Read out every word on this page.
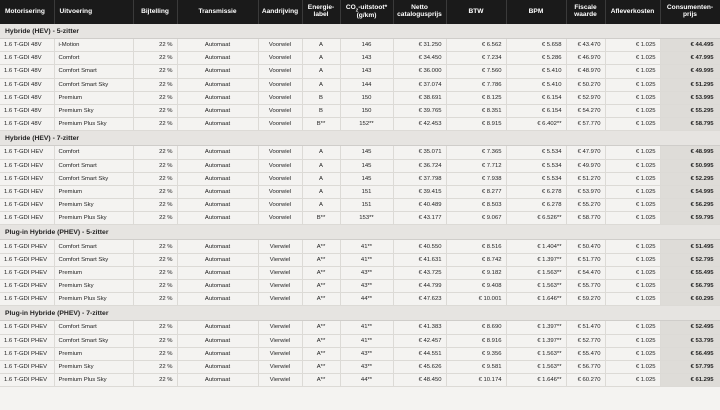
Motorisering	Uitvoering	Bijtelling	Transmissie	Aandrijving	Energie-
label	$CO_2-uitstoot*$
(g/km)	Netto
catalogusprijs	BTW	BPM	Fiscale
waarde	Afleverkosten	Consumenten-
prijs
Hybride (HEV) - 5-zitter												
1.6 T-GDI 48V	i-Motion	22 %	Automaat	Voorwiel	A	146	€ 31.250	€ 6.562	€ 5.658	€ 43.470	€ 1.025	€ 44.495
1.6 T-GDI 48V	Comfort	22 %	Automaat	Voorwiel	A	143	€ 34.450	€ 7.234	€ 5.286	€ 46.970	€ 1.025	€ 47.995
1.6 T-GDI 48V	Comfort Smart	22 %	Automaat	Voorwiel	A	143	€ 36.000	€ 7.560	€ 5.410	€ 48.970	€ 1.025	€ 49.995
1.6 T-GDI 48V	Comfort Smart Sky	22 %	Automaat	Voorwiel	A	144	€ 37.074	€ 7.786	€ 5.410	€ 50.270	€ 1.025	€ 51.295
1.6 T-GDI 48V	Premium	22 %	Automaat	Voorwiel	B	150	€ 38.691	€ 8.125	€ 6.154	€ 52.970	€ 1.025	€ 53.995
1.6 T-GDI 48V	Premium Sky	22 %	Automaat	Voorwiel	B	150	€ 39.765	€ 8.351	€ 6.154	€ 54.270	€ 1.025	€ 55.295
1.6 T-GDI 48V	Premium Plus Sky	22 %	Automaat	Voorwiel	B**	152**	€ 42.453	€ 8.915	€ 6.402**	€ 57.770	€ 1.025	€ 58.795
Hybride (HEV) - 7-zitter												
1.6 T-GDI HEV	Comfort	22 %	Automaat	Voorwiel	A	145	€ 35.071	€ 7.365	€ 5.534	€ 47.970	€ 1.025	€ 48.995
1.6 T-GDI HEV	Comfort Smart	22 %	Automaat	Voorwiel	A	145	€ 36.724	€ 7.712	€ 5.534	€ 49.970	€ 1.025	€ 50.995
1.6 T-GDI HEV	Comfort Smart Sky	22 %	Automaat	Voorwiel	A	145	€ 37.798	€ 7.938	€ 5.534	€ 51.270	€ 1.025	€ 52.295
1.6 T-GDI HEV	Premium	22 %	Automaat	Voorwiel	A	151	€ 39.415	€ 8.277	€ 6.278	€ 53.970	€ 1.025	€ 54.995
1.6 T-GDI HEV	Premium Sky	22 %	Automaat	Voorwiel	A	151	€ 40.489	€ 8.503	€ 6.278	€ 55.270	€ 1.025	€ 56.295
1.6 T-GDI HEV	Premium Plus Sky	22 %	Automaat	Voorwiel	B**	153**	€ 43.177	€ 9.067	€ 6.526**	€ 58.770	€ 1.025	€ 59.795
Plug-in Hybride (PHEV) - 5-zitter												
1.6 T-GDI PHEV	Comfort Smart	22 %	Automaat	Vierwiel	A**	41**	€ 40.550	€ 8.516	€ 1.404**	€ 50.470	€ 1.025	€ 51.495
1.6 T-GDI PHEV	Comfort Smart Sky	22 %	Automaat	Vierwiel	A**	41**	€ 41.631	€ 8.742	€ 1.397**	€ 51.770	€ 1.025	€ 52.795
1.6 T-GDI PHEV	Premium	22 %	Automaat	Vierwiel	A**	43**	€ 43.725	€ 9.182	€ 1.563**	€ 54.470	€ 1.025	€ 55.495
1.6 T-GDI PHEV	Premium Sky	22 %	Automaat	Vierwiel	A**	43**	€ 44.799	€ 9.408	€ 1.563**	€ 55.770	€ 1.025	€ 56.795
1.6 T-GDI PHEV	Premium Plus Sky	22 %	Automaat	Vierwiel	A**	44**	€ 47.623	€ 10.001	€ 1.646**	€ 59.270	€ 1.025	€ 60.295
Plug-in Hybride (PHEV) - 7-zitter												
1.6 T-GDI PHEV	Comfort Smart	22 %	Automaat	Vierwiel	A**	41**	€ 41.383	€ 8.690	€ 1.397**	€ 51.470	€ 1.025	€ 52.495
1.6 T-GDI PHEV	Comfort Smart Sky	22 %	Automaat	Vierwiel	A**	41**	€ 42.457	€ 8.916	€ 1.397**	€ 52.770	€ 1.025	€ 53.795
1.6 T-GDI PHEV	Premium	22 %	Automaat	Vierwiel	A**	43**	€ 44.551	€ 9.356	€ 1.563**	€ 55.470	€ 1.025	€ 56.495
1.6 T-GDI PHEV	Premium Sky	22 %	Automaat	Vierwiel	A**	43**	€ 45.626	€ 9.581	€ 1.563**	€ 56.770	€ 1.025	€ 57.795
1.6 T-GDI PHEV	Premium Plus Sky	22 %	Automaat	Vierwiel	A**	44**	€ 48.450	€ 10.174	€ 1.646**	€ 60.270	€ 1.025	€ 61.295
